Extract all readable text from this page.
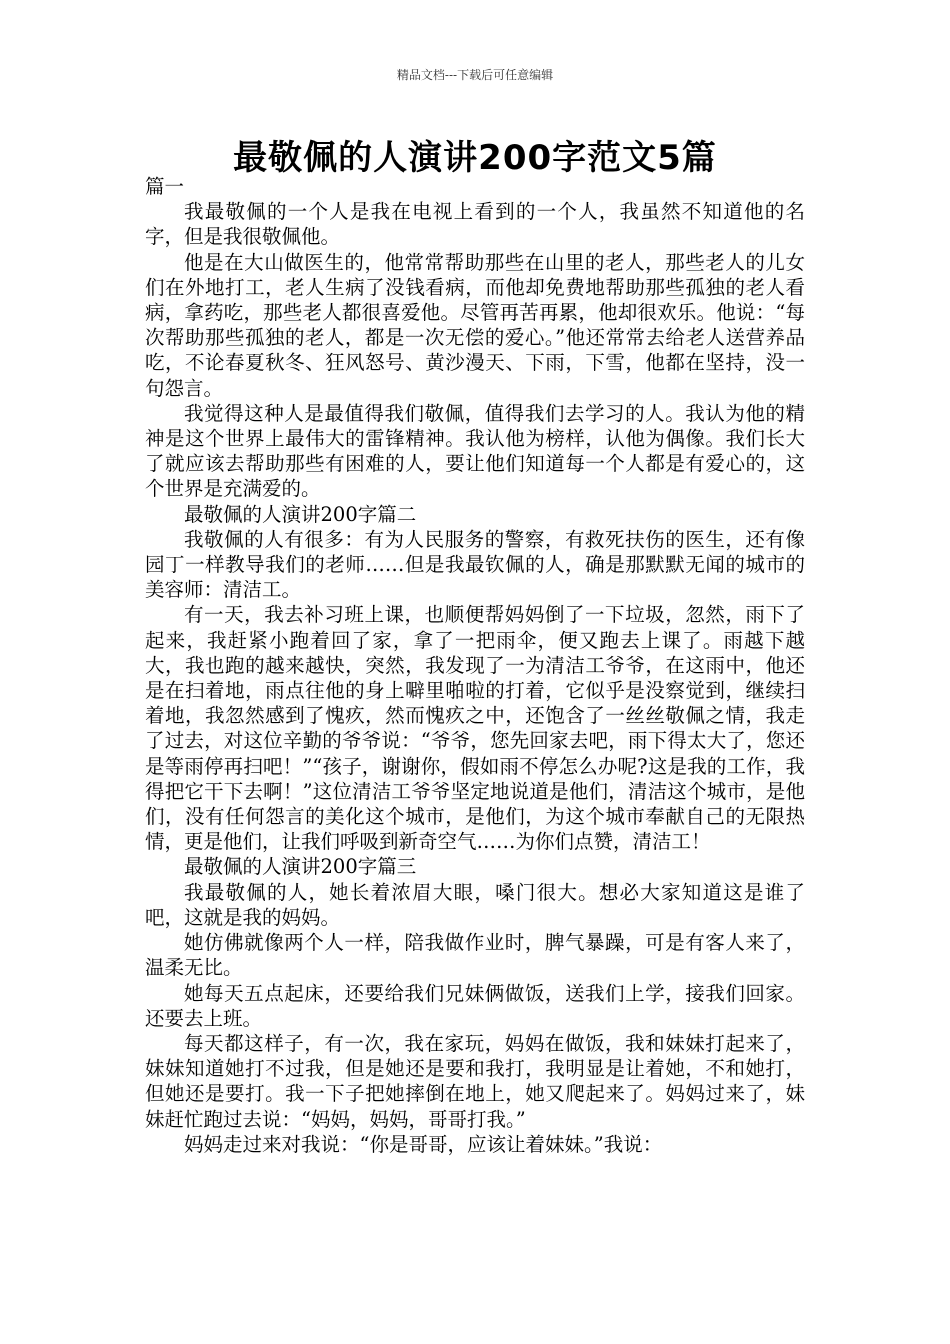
精品文档---下载后可任意编辑
最敬佩的人演讲200字范文5篇

篇一

我最敬佩的一个人是我在电视上看到的一个人，我虽然不知道他的名字，但是我很敬佩他。

他是在大山做医生的，他常常帮助那些在山里的老人，那些老人的儿女们在外地打工，老人生病了没钱看病，而他却免费地帮助那些孤独的老人看病，拿药吃，那些老人都很喜爱他。尽管再苦再累，他却很欢乐。他说：“每次帮助那些孤独的老人，都是一次无偿的爱心。”他还常常去给老人送营养品吃，不论春夏秋冬、狂风怒号、黄沙漫天、下雨，下雪，他都在坚持，没一句怨言。

我觉得这种人是最值得我们敬佩，值得我们去学习的人。我认为他的精神是这个世界上最伟大的雷锋精神。我认他为榜样，认他为偶像。我们长大了就应该去帮助那些有困难的人，要让他们知道每一个人都是有爱心的，这个世界是充满爱的。

最敬佩的人演讲200字篇二

我敬佩的人有很多：有为人民服务的警察，有救死扶伤的医生，还有像园丁一样教导我们的老师……但是我最钦佩的人，确是那默默无闻的城市的美容师：清洁工。

有一天，我去补习班上课，也顺便帮妈妈倒了一下垃圾，忽然，雨下了起来，我赶紧小跑着回了家，拿了一把雨伞，便又跑去上课了。雨越下越大，我也跑的越来越快，突然，我发现了一为清洁工爷爷，在这雨中，他还是在扫着地，雨点往他的身上噼里啪啦的打着，它似乎是没察觉到，继续扫着地，我忽然感到了愧疚，然而愧疚之中，还饱含了一丝丝敬佩之情，我走了过去，对这位辛勤的爷爷说：“爷爷，您先回家去吧，雨下得太大了，您还是等雨停再扫吧！”“孩子，谢谢你，假如雨不停怎么办呢?这是我的工作，我得把它干下去啊！”这位清洁工爷爷坚定地说道是他们，清洁这个城市，是他们，没有任何怨言的美化这个城市，是他们，为这个城市奉献自己的无限热情，更是他们，让我们呼吸到新奇空气……为你们点赞，清洁工！

最敬佩的人演讲200字篇三

我最敬佩的人，她长着浓眉大眼，嗓门很大。想必大家知道这是谁了吧，这就是我的妈妈。

她仿佛就像两个人一样，陪我做作业时，脾气暴躁，可是有客人来了，温柔无比。

她每天五点起床，还要给我们兄妹俩做饭，送我们上学，接我们回家。还要去上班。

每天都这样子，有一次，我在家玩，妈妈在做饭，我和妹妹打起来了，妹妹知道她打不过我，但是她还是要和我打，我明显是让着她，不和她打，但她还是要打。我一下子把她摔倒在地上，她又爬起来了。妈妈过来了，妹妹赶忙跑过去说：“妈妈，妈妈，哥哥打我。”

妈妈走过来对我说：“你是哥哥，应该让着妹妹。”我说：
